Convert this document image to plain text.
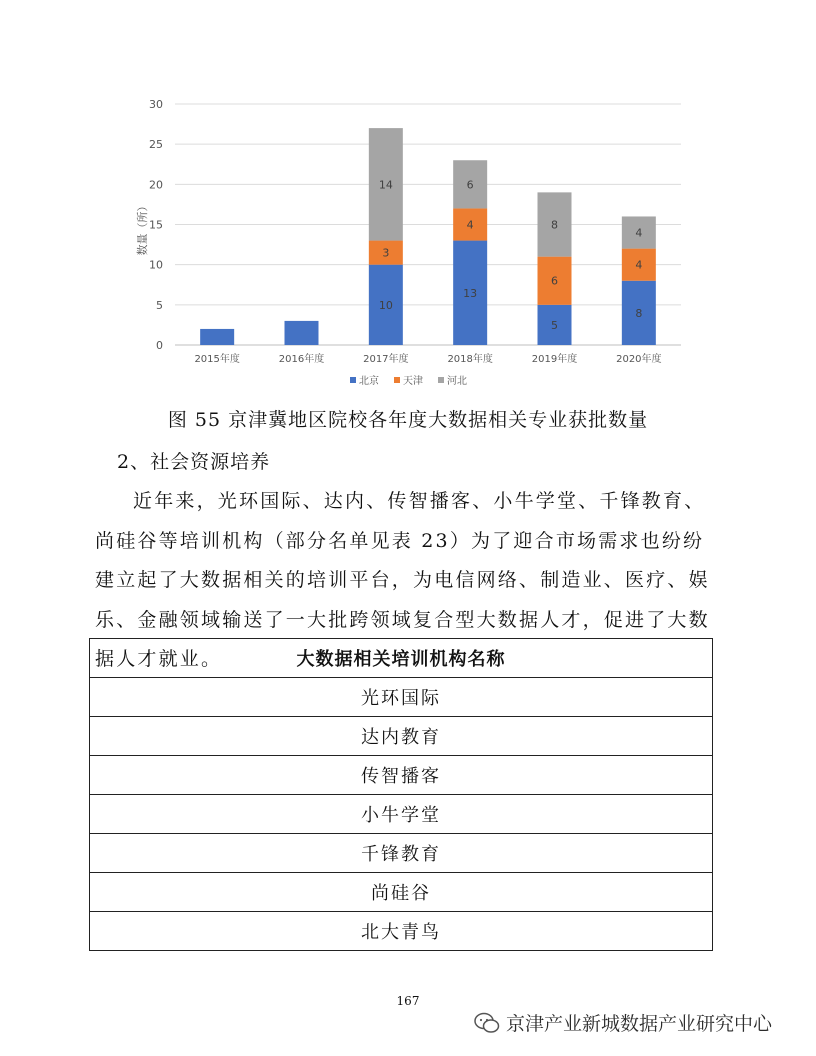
0
5
10
15
20
25
30
数量（所）
10
3
14
13
4
6
5
6
8
8
4
4
2015年度	2016年度	2017年度	2018年度	2019年度	2020年度
北京 天津 河北
图 55 京津冀地区院校各年度大数据相关专业获批数量
2、社会资源培养

近年来，光环国际、达内、传智播客、小牛学堂、千锋教育、尚硅谷等培训机构（部分名单见表 23）为了迎合市场需求也纷纷建立起了大数据相关的培训平台，为电信网络、制造业、医疗、娱乐、金融领域输送了一大批跨领域复合型大数据人才，促进了大数据人才就业。	大数据相关培训机构名称
光环国际
达内教育
传智播客
小牛学堂
千锋教育
尚硅谷
北大青鸟
167
京津产业新城数据产业研究中心
